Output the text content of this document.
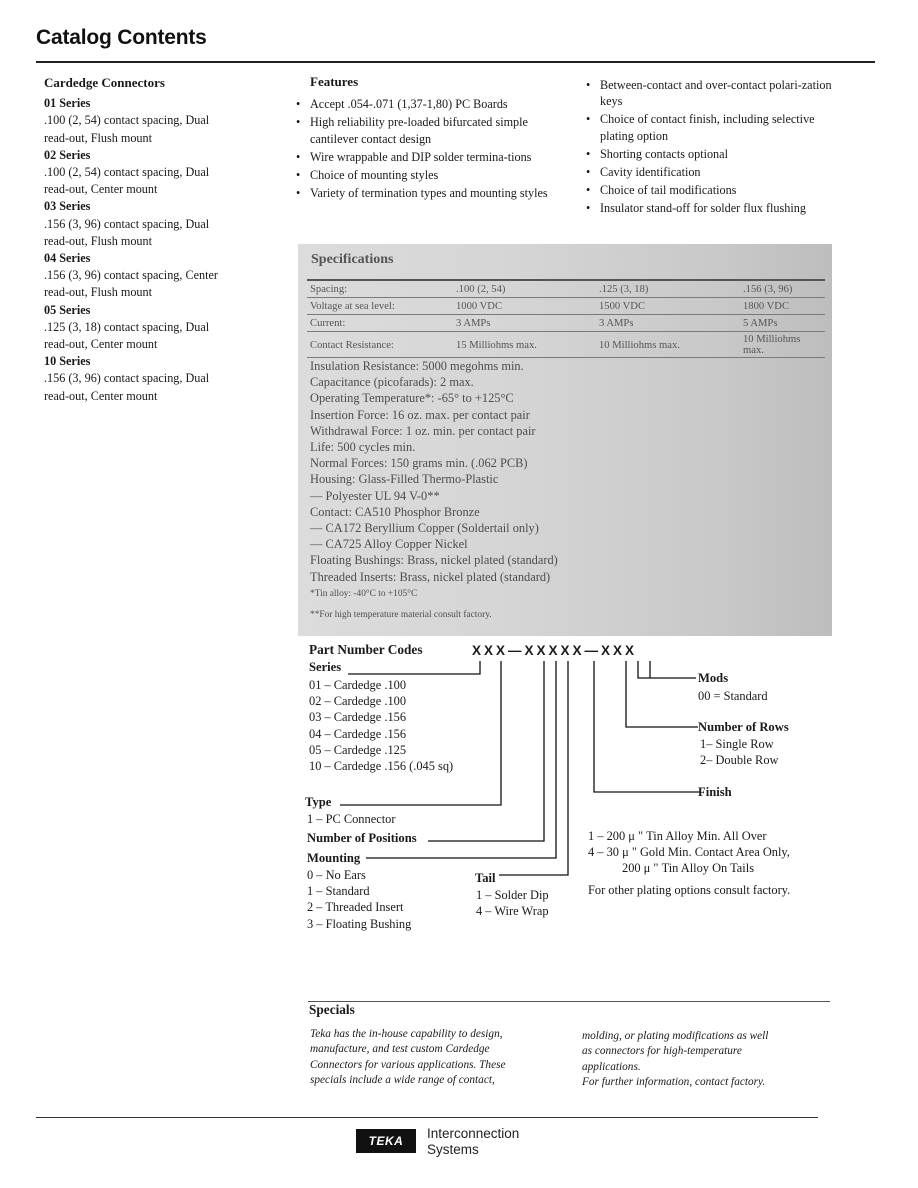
Catalog Contents
Cardedge Connectors
01 Series
.100 (2, 54) contact spacing, Dual
read-out, Flush mount
02 Series
.100 (2, 54) contact spacing, Dual
read-out, Center mount
03 Series
.156 (3, 96) contact spacing, Dual
read-out, Flush mount
04 Series
.156 (3, 96) contact spacing, Center
read-out, Flush mount
05 Series
.125 (3, 18) contact spacing, Dual
read-out, Center mount
10 Series
.156 (3, 96) contact spacing, Dual
read-out, Center mount
Features
• Accept .054-.071 (1,37-1,80) PC Boards
• High reliability pre-loaded bifurcated simple cantilever contact design
• Wire wrappable and DIP solder termina-tions
• Choice of mounting styles
• Variety of termination types and mounting styles
• Between-contact and over-contact polari-zation keys
• Choice of contact finish, including selective plating option
• Shorting contacts optional
• Cavity identification
• Choice of tail modifications
• Insulator stand-off for solder flux flushing
Specifications
Spacing:	.100 (2, 54)	.125 (3, 18)	.156 (3, 96)
Voltage at sea level:	1000 VDC	1500 VDC	1800 VDC
Current:	3 AMPs	3 AMPs	5 AMPs
Contact Resistance:	15 Milliohms max.	10 Milliohms max.	10 Milliohms max.
Insulation Resistance: 5000 megohms min.
Capacitance (picofarads): 2 max.
Operating Temperature*: -65° to +125°C
Insertion Force: 16 oz. max. per contact pair
Withdrawal Force: 1 oz. min. per contact pair
Life: 500 cycles min.
Normal Forces: 150 grams min. (.062 PCB)
Housing: Glass-Filled Thermo-Plastic
— Polyester UL 94 V-0**
Contact: CA510 Phosphor Bronze
— CA172 Beryllium Copper (Soldertail only)
— CA725 Alloy Copper Nickel
Floating Bushings: Brass, nickel plated (standard)
Threaded Inserts: Brass, nickel plated (standard)
*Tin alloy: -40°C to +105°C
**For high temperature material consult factory.
Part Number Codes	XXX—XXXXX—XXX
Series
01 – Cardedge .100
02 – Cardedge .100
03 – Cardedge .156
04 – Cardedge .156
05 – Cardedge .125
10 – Cardedge .156 (.045 sq)
Type
1 – PC Connector
Number of Positions
Mounting
0 – No Ears
1 – Standard
2 – Threaded Insert
3 – Floating Bushing
Tail
1 – Solder Dip
4 – Wire Wrap
Mods
00 = Standard
Number of Rows
1– Single Row
2– Double Row
Finish
1 – 200 μ " Tin Alloy Min. All Over
4 – 30 μ " Gold Min. Contact Area Only,
200 μ " Tin Alloy On Tails
For other plating options consult factory.
Specials
Teka has the in-house capability to design,
manufacture, and test custom Cardedge
Connectors for various applications. These
specials include a wide range of contact,
molding, or plating modifications as well
as connectors for high-temperature
applications.
For further information, contact factory.
TEKA	Interconnection
Systems
